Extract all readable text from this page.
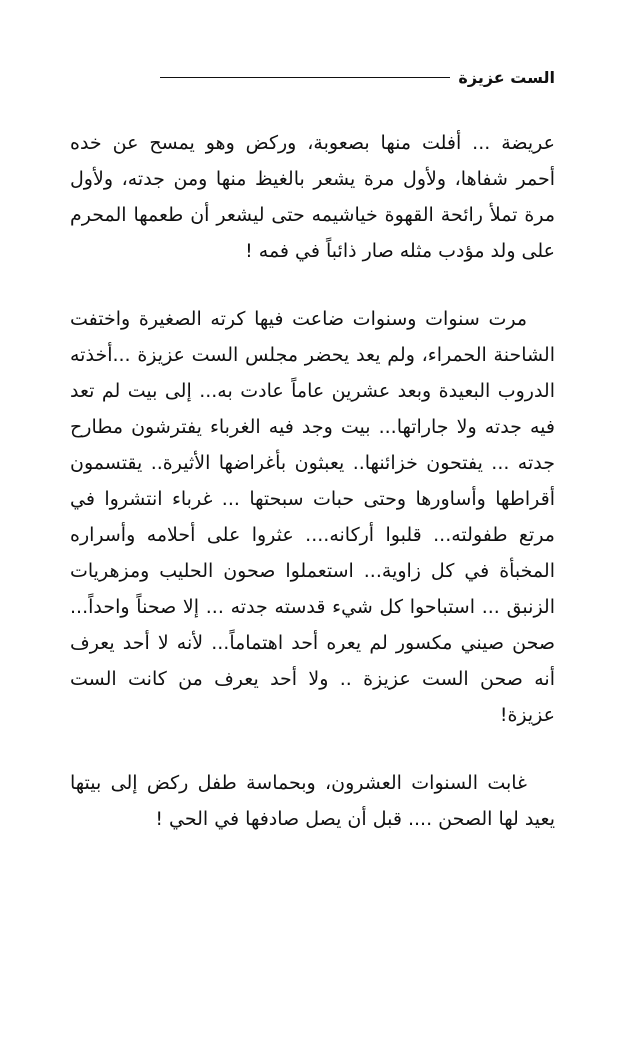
الست عزيزة

عريضة ... أفلت منها بصعوبة، وركض وهو يمسح عن خده أحمر شفاها، ولأول مرة يشعر بالغيظ منها ومن جدته، ولأول مرة تملأ رائحة القهوة خياشيمه حتى ليشعر أن طعمها المحرم على ولد مؤدب مثله صار ذائباً في فمه !

مرت سنوات وسنوات ضاعت فيها كرته الصغيرة واختفت الشاحنة الحمراء، ولم يعد يحضر مجلس الست عزيزة ...أخذته الدروب البعيدة وبعد عشرين عاماً عادت به... إلى بيت لم تعد فيه جدته ولا جاراتها... بيت وجد فيه الغرباء يفترشون مطارح جدته ... يفتحون خزائنها.. يعبثون بأغراضها الأثيرة.. يقتسمون أقراطها وأساورها وحتى حبات سبحتها ... غرباء انتشروا في مرتع طفولته... قلبوا أركانه.... عثروا على أحلامه وأسراره المخبأة في كل زاوية... استعملوا صحون الحليب ومزهريات الزنبق ... استباحوا كل شيء قدسته جدته ... إلا صحناً واحداً... صحن صيني مكسور لم يعره أحد اهتماماً... لأنه لا أحد يعرف أنه صحن الست عزيزة .. ولا أحد يعرف من كانت الست عزيزة!

غابت السنوات العشرون، وبحماسة طفل ركض إلى بيتها يعيد لها الصحن .... قبل أن يصل صادفها في الحي !
